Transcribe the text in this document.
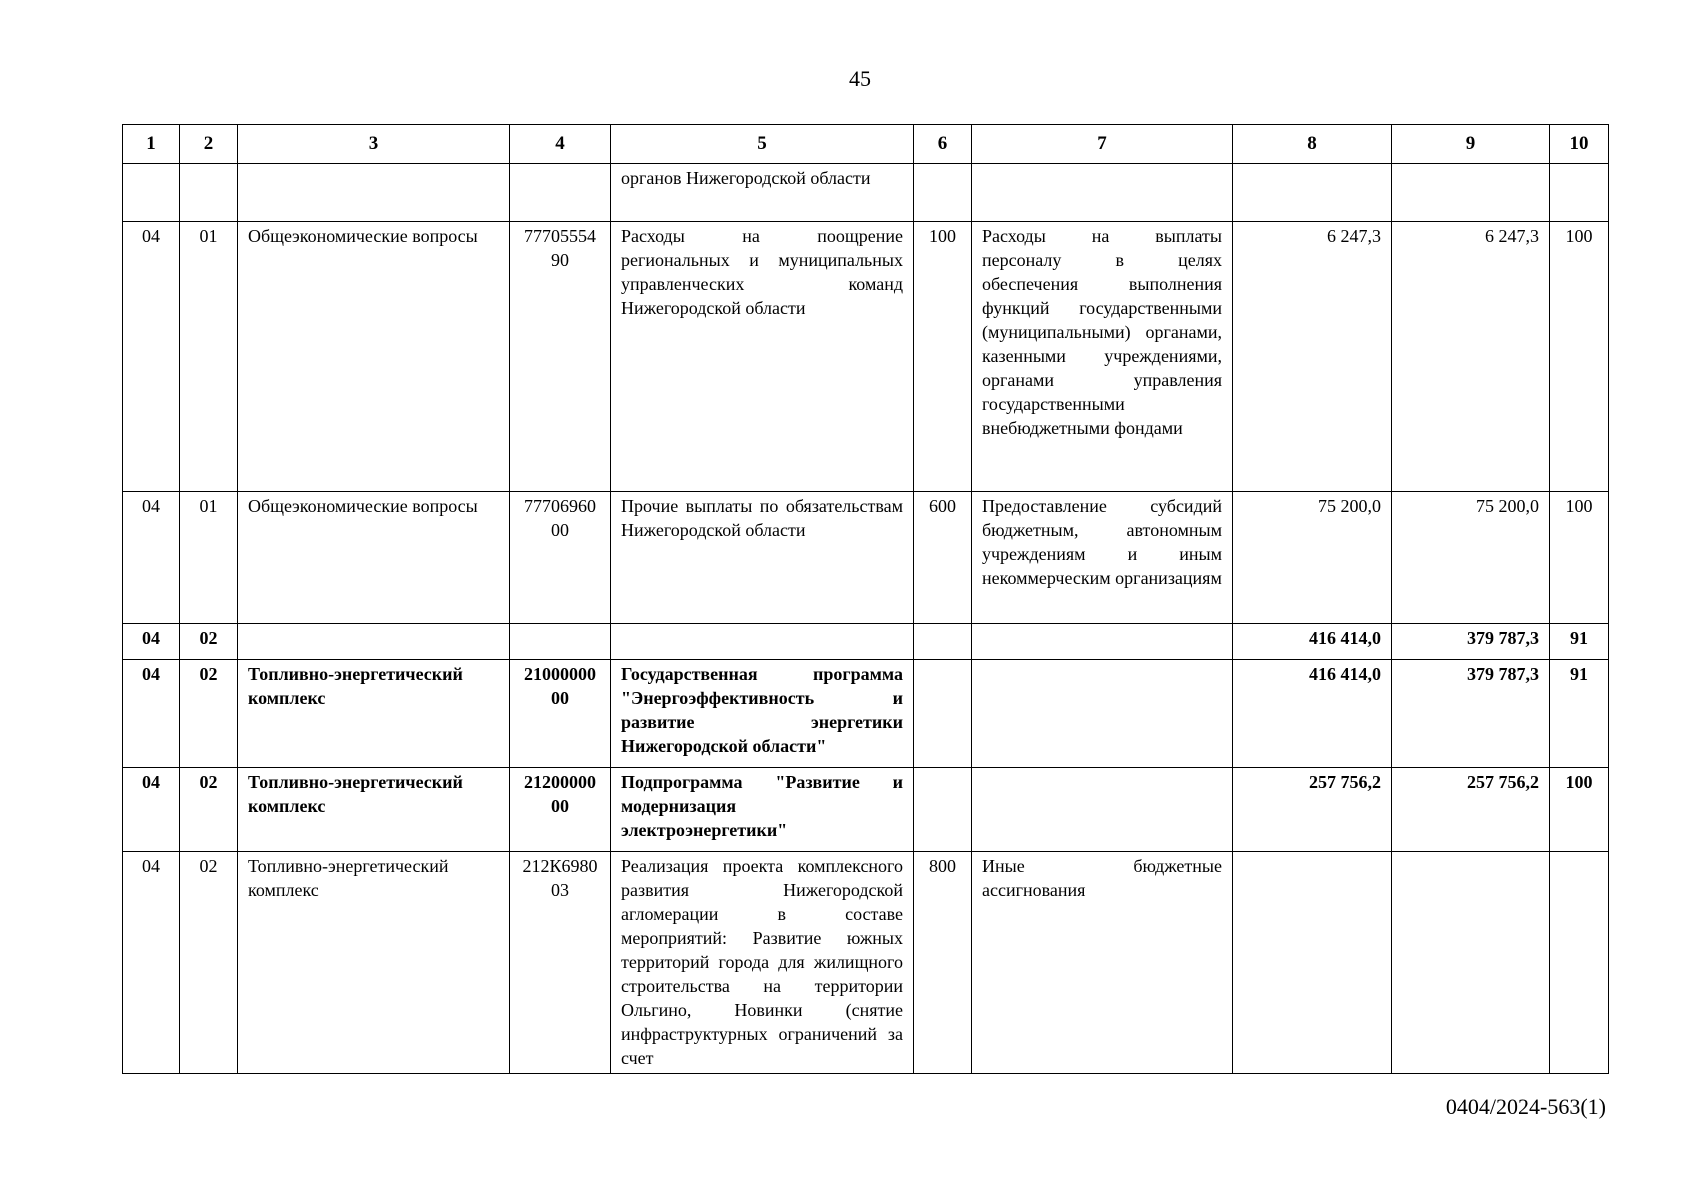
45
1	2	3	4	5	6	7	8	9	10
				органов Нижегородской области					
04	01	Общеэкономические вопросы	7770555490	Расходы на поощрение региональных и муниципальных управленческих команд Нижегородской области	100	Расходы на выплаты персоналу в целях обеспечения выполнения функций государственными (муниципальными) органами, казенными учреждениями, органами управления государственными внебюджетными фондами	6 247,3	6 247,3	100
04	01	Общеэкономические вопросы	7770696000	Прочие выплаты по обязательствам Нижегородской области	600	Предоставление субсидий бюджетным, автономным учреждениям и иным некоммерческим организациям	75 200,0	75 200,0	100
04	02						416 414,0	379 787,3	91
04	02	Топливно-энергетический комплекс	2100000000	Государственная программа "Энергоэффективность и развитие энергетики Нижегородской области"			416 414,0	379 787,3	91
04	02	Топливно-энергетический комплекс	2120000000	Подпрограмма "Развитие и модернизация электроэнергетики"			257 756,2	257 756,2	100
04	02	Топливно-энергетический комплекс	212К698003	Реализация проекта комплексного развития Нижегородской агломерации в составе мероприятий: Развитие южных территорий города для жилищного строительства на территории Ольгино, Новинки (снятие инфраструктурных ограничений за счет	800	Иные бюджетные ассигнования			
0404/2024-563(1)
